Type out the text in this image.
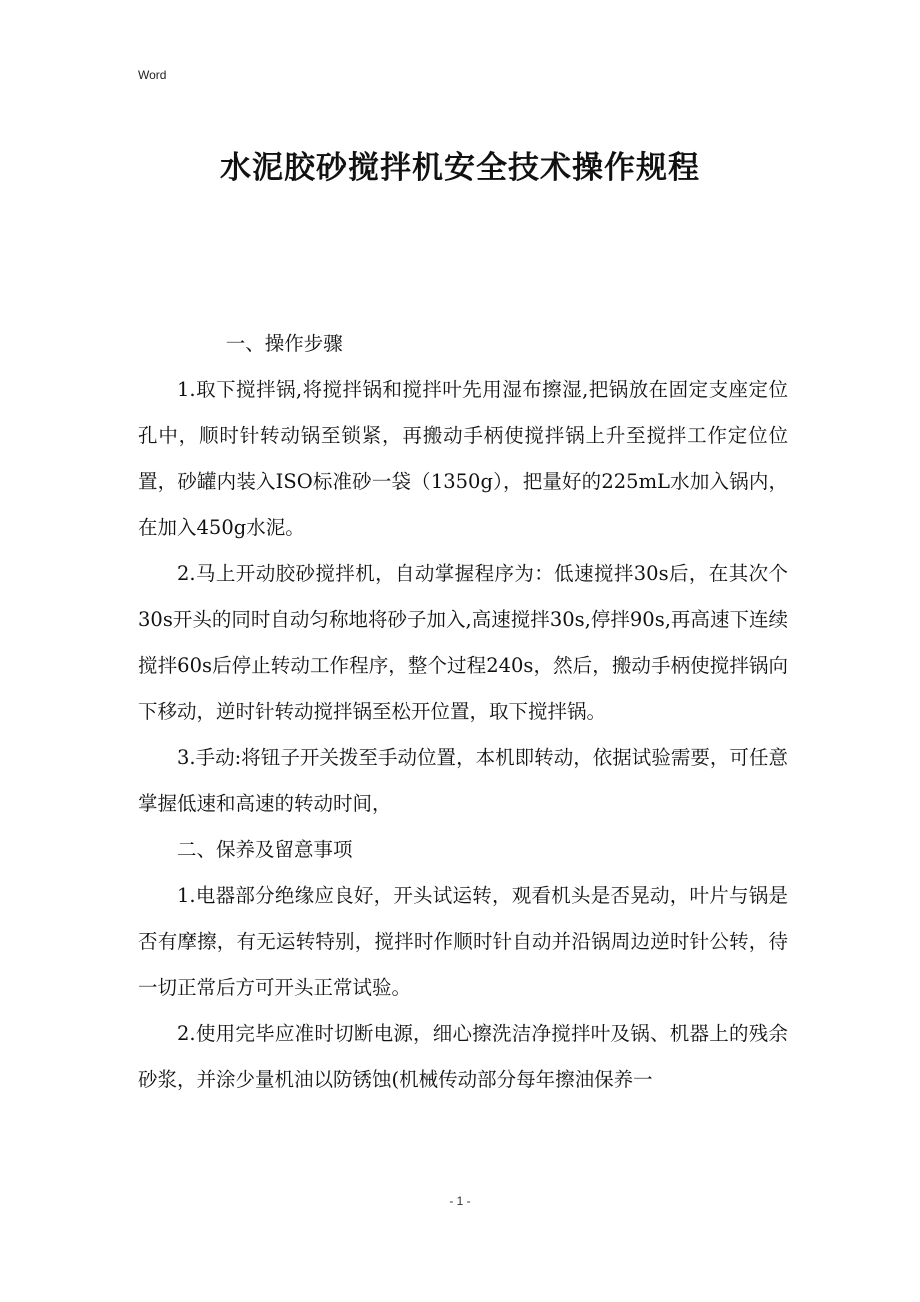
Word
水泥胶砂搅拌机安全技术操作规程

一、操作步骤

1.取下搅拌锅,将搅拌锅和搅拌叶先用湿布擦湿,把锅放在固定支座定位孔中，顺时针转动锅至锁紧，再搬动手柄使搅拌锅上升至搅拌工作定位位置，砂罐内装入ISO标准砂一袋（1350g），把量好的225mL水加入锅内，在加入450g水泥。

2.马上开动胶砂搅拌机，自动掌握程序为：低速搅拌30s后，在其次个30s开头的同时自动匀称地将砂子加入,高速搅拌30s,停拌90s,再高速下连续搅拌60s后停止转动工作程序，整个过程240s，然后，搬动手柄使搅拌锅向下移动，逆时针转动搅拌锅至松开位置，取下搅拌锅。

3.手动:将钮子开关拨至手动位置，本机即转动，依据试验需要，可任意掌握低速和高速的转动时间，

二、保养及留意事项

1.电器部分绝缘应良好，开头试运转，观看机头是否晃动，叶片与锅是否有摩擦，有无运转特别，搅拌时作顺时针自动并沿锅周边逆时针公转，待一切正常后方可开头正常试验。

2.使用完毕应准时切断电源，细心擦洗洁净搅拌叶及锅、机器上的残余砂浆，并涂少量机油以防锈蚀(机械传动部分每年擦油保养一

- 1 -
